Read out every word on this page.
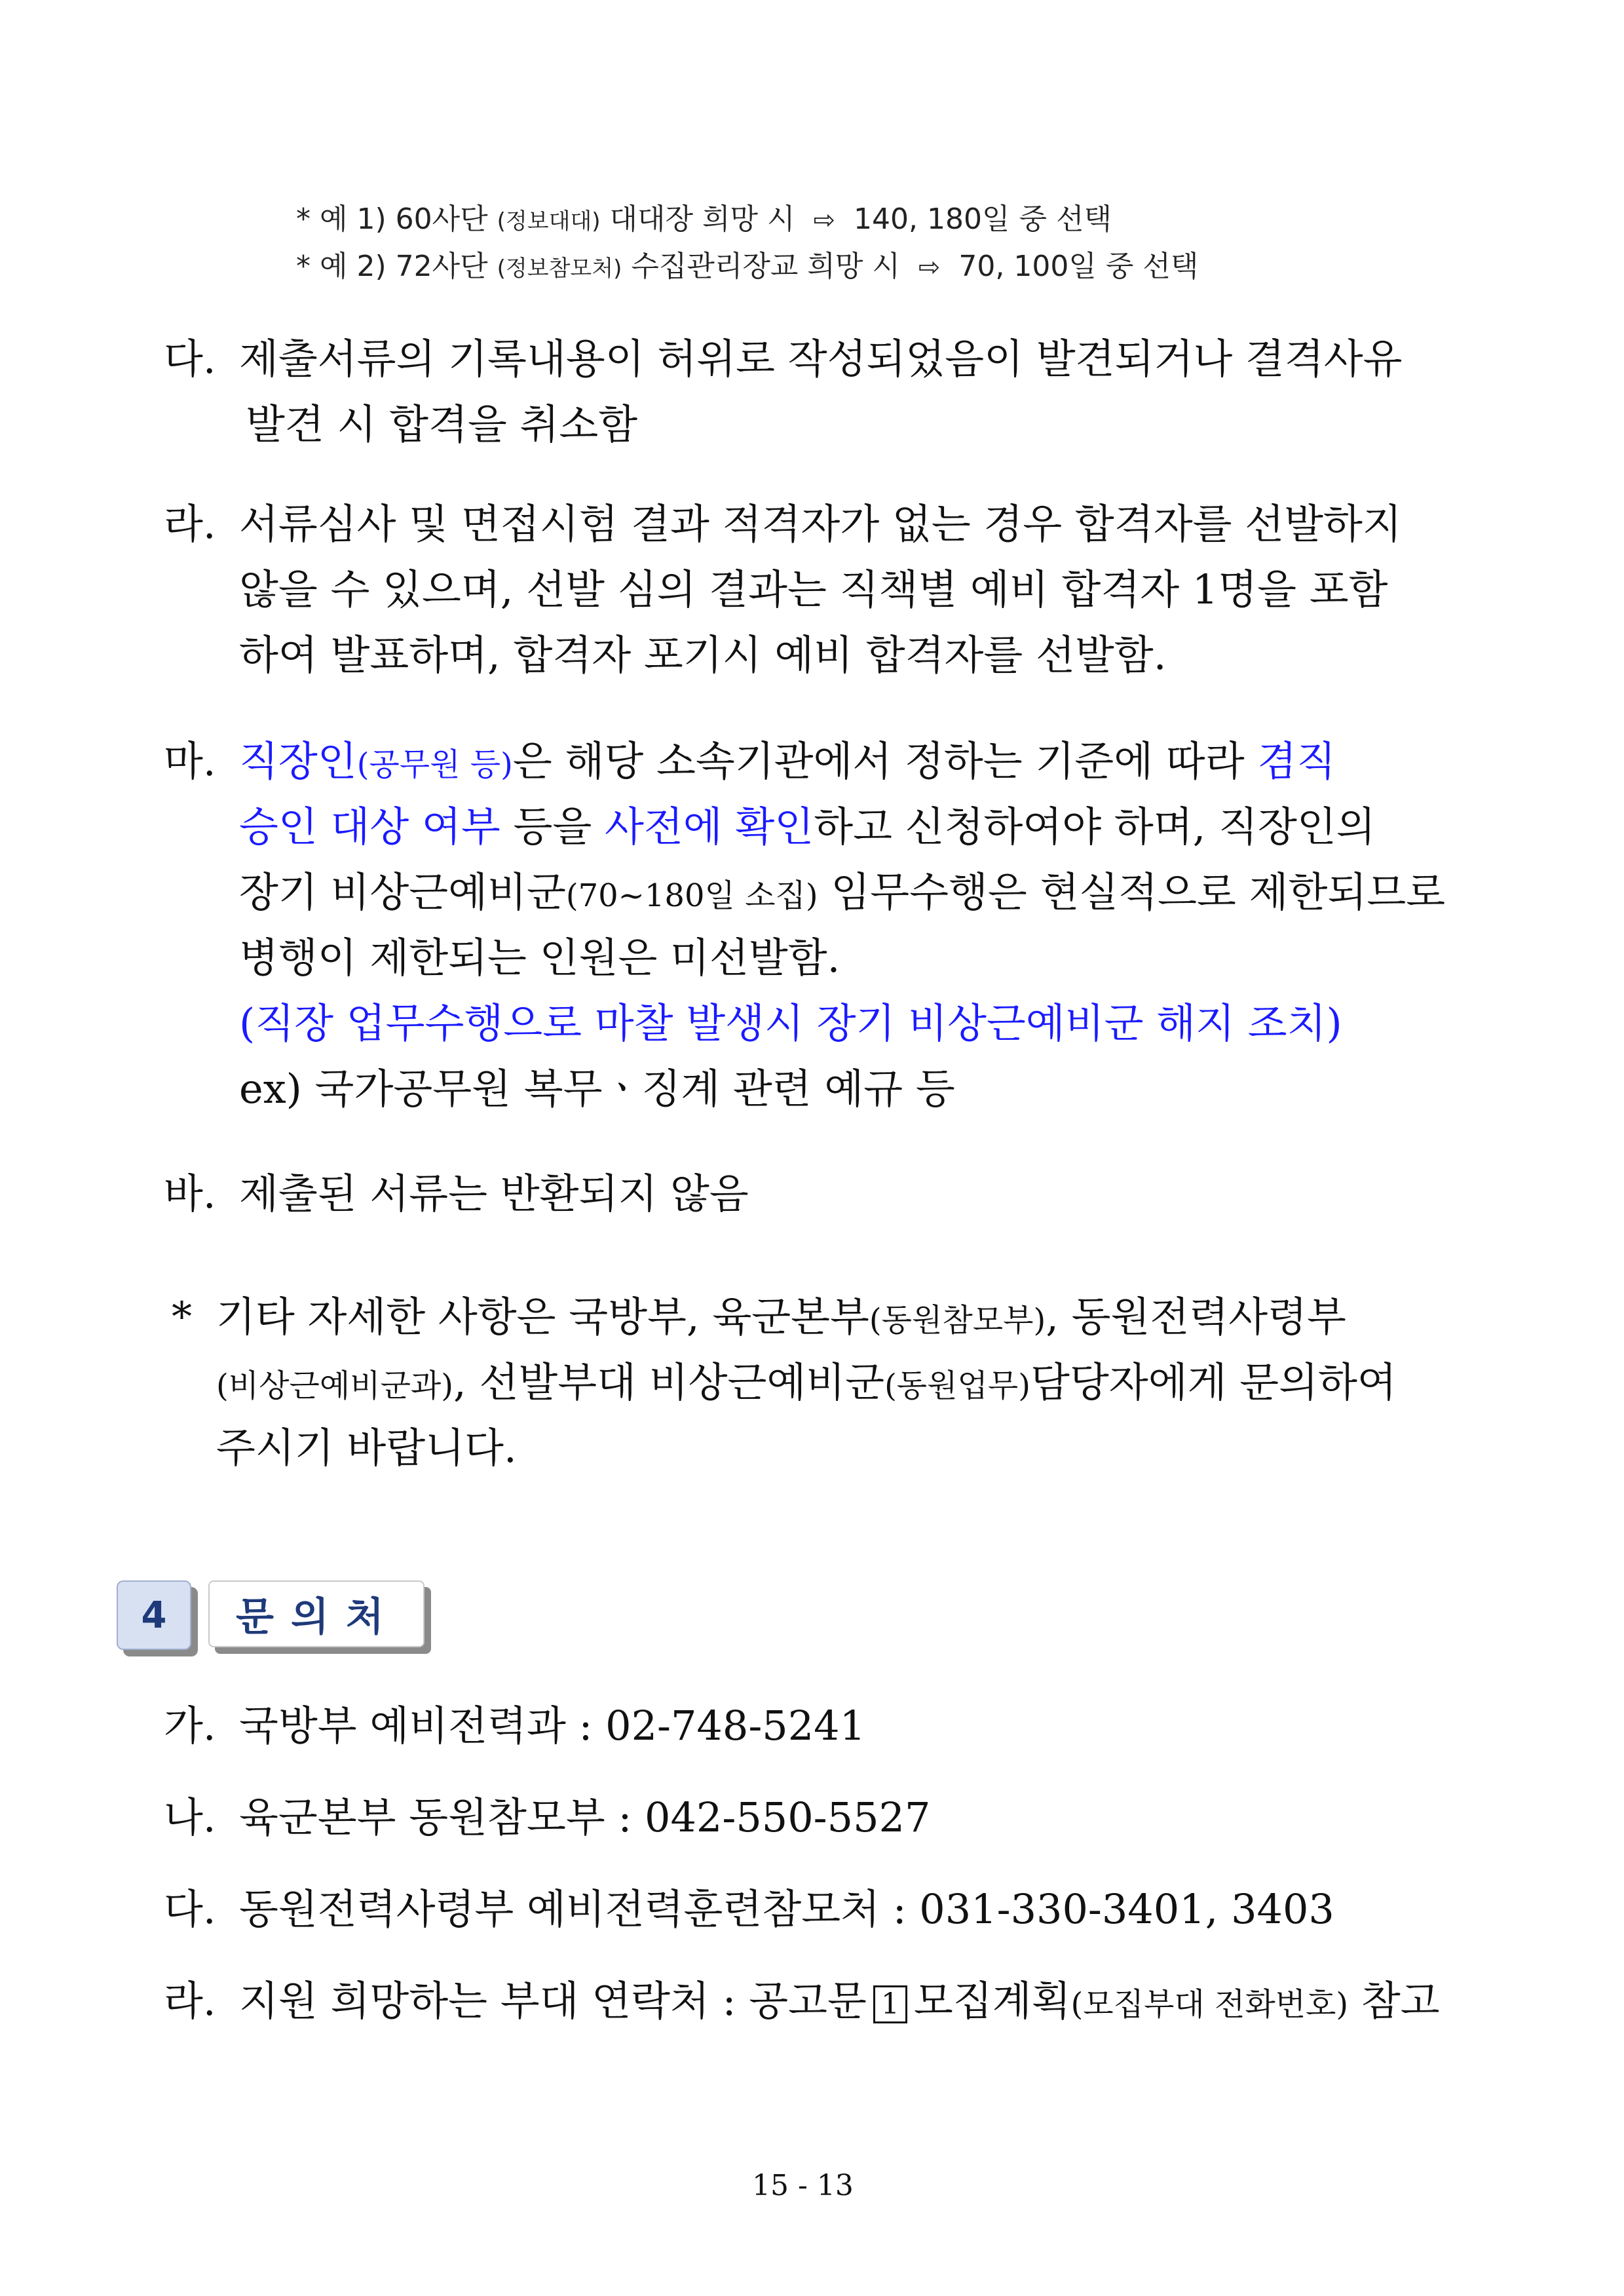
* 예 1) 60사단 (정보대대) 대대장 희망 시 ⇨ 140, 180일 중 선택
* 예 2) 72사단 (정보참모처) 수집관리장교 희망 시 ⇨ 70, 100일 중 선택
다. 제출서류의 기록내용이 허위로 작성되었음이 발견되거나 결격사유
발견 시 합격을 취소함
라. 서류심사 및 면접시험 결과 적격자가 없는 경우 합격자를 선발하지
않을 수 있으며, 선발 심의 결과는 직책별 예비 합격자 1명을 포함
하여 발표하며, 합격자 포기시 예비 합격자를 선발함.
마. 직장인(공무원 등)은 해당 소속기관에서 정하는 기준에 따라 겸직
승인 대상 여부 등을 사전에 확인하고 신청하여야 하며, 직장인의
장기 비상근예비군(70~180일 소집) 임무수행은 현실적으로 제한되므로
병행이 제한되는 인원은 미선발함.
(직장 업무수행으로 마찰 발생시 장기 비상근예비군 해지 조치)
ex) 국가공무원 복무ㆍ징계 관련 예규 등
바. 제출된 서류는 반환되지 않음
* 기타 자세한 사항은 국방부, 육군본부(동원참모부), 동원전력사령부
(비상근예비군과), 선발부대 비상근예비군(동원업무)담당자에게 문의하여
주시기 바랍니다.
4	문의처
가. 국방부 예비전력과 : 02-748-5241
나. 육군본부 동원참모부 : 042-550-5527
다. 동원전력사령부 예비전력훈련참모처 : 031-330-3401, 3403
라. 지원 희망하는 부대 연락처 : 공고문 1 모집계획(모집부대 전화번호) 참고
15 - 13
